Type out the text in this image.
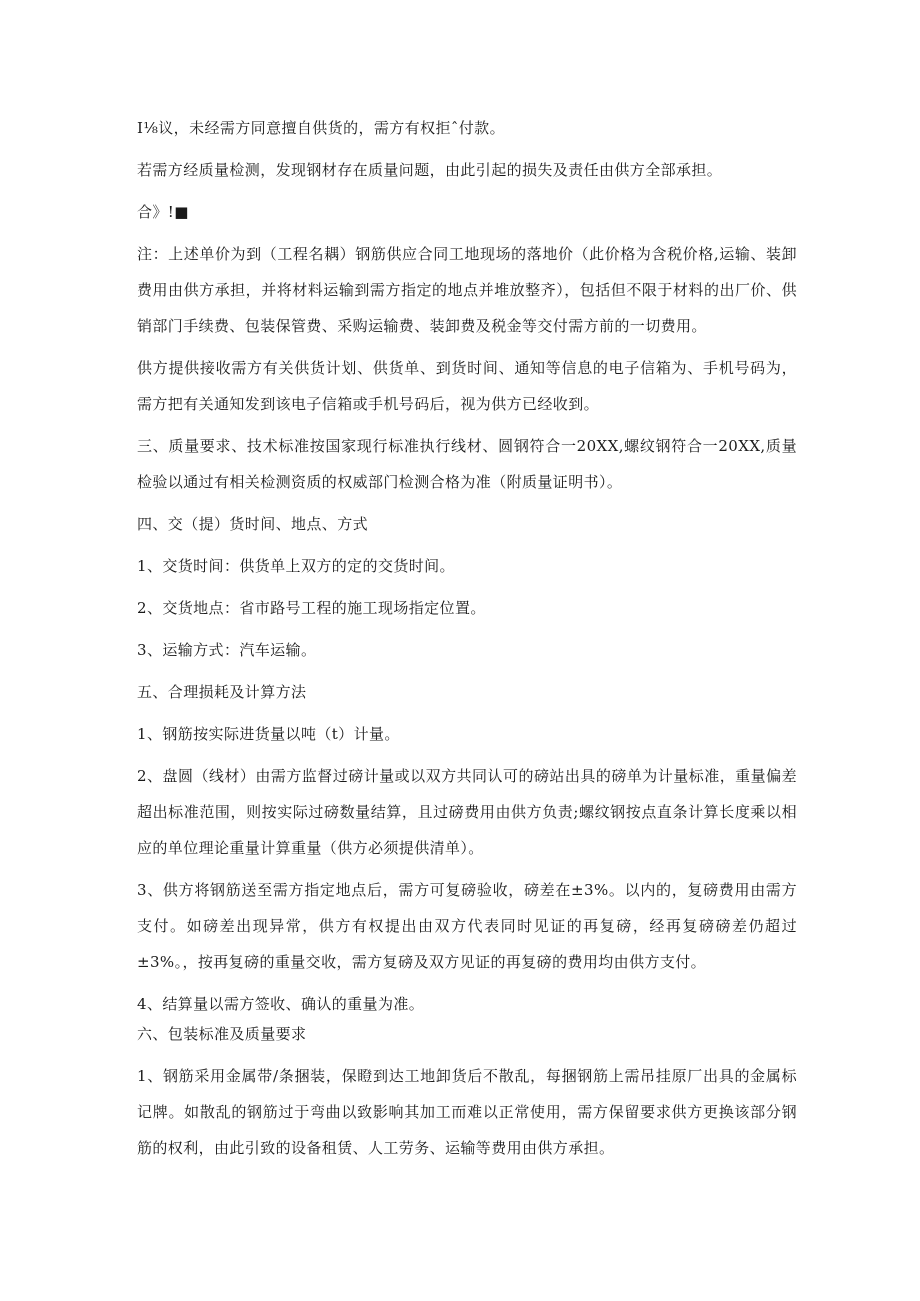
I⅛议，未经需方同意擅自供货的，需方有权拒ˆ付款。

若需方经质量检测，发现钢材存在质量问题，由此引起的损失及责任由供方全部承担。

合》!■

注：上述单价为到（工程名耦）钢筋供应合同工地现场的落地价（此价格为含税价格,运输、装卸费用由供方承担，并将材料运输到需方指定的地点并堆放整齐），包括但不限于材料的出厂价、供销部门手续费、包装保管费、采购运输费、装卸费及税金等交付需方前的一切费用。

供方提供接收需方有关供货计划、供货单、到货时间、通知等信息的电子信箱为、手机号码为，需方把有关通知发到该电子信箱或手机号码后，视为供方已经收到。

三、质量要求、技术标准按国家现行标准执行线材、圆钢符合一20XX,螺纹钢符合一20XX,质量检验以通过有相关检测资质的权威部门检测合格为准（附质量证明书）。

四、交（提）货时间、地点、方式

1、交货时间：供货单上双方的定的交货时间。

2、交货地点：省市路号工程的施工现场指定位置。

3、运输方式：汽车运输。

五、合理损耗及计算方法

1、钢筋按实际进货量以吨（t）计量。

2、盘圆（线材）由需方监督过磅计量或以双方共同认可的磅站出具的磅单为计量标准，重量偏差超出标准范围，则按实际过磅数量结算，且过磅费用由供方负责;螺纹钢按点直条计算长度乘以相应的单位理论重量计算重量（供方必须提供清单）。

3、供方将钢筋送至需方指定地点后，需方可复磅验收，磅差在±3%。以内的，复磅费用由需方支付。如磅差出现异常，供方有权提出由双方代表同时见证的再复磅，经再复磅磅差仍超过±3%。，按再复磅的重量交收，需方复磅及双方见证的再复磅的费用均由供方支付。

4、结算量以需方签收、确认的重量为准。

六、包装标准及质量要求

1、钢筋采用金属带/条捆装，保瞪到达工地卸货后不散乱，每捆钢筋上需吊挂原厂出具的金属标记牌。如散乱的钢筋过于弯曲以致影响其加工而难以正常使用，需方保留要求供方更换该部分钢筋的权利，由此引致的设备租赁、人工劳务、运输等费用由供方承担。
